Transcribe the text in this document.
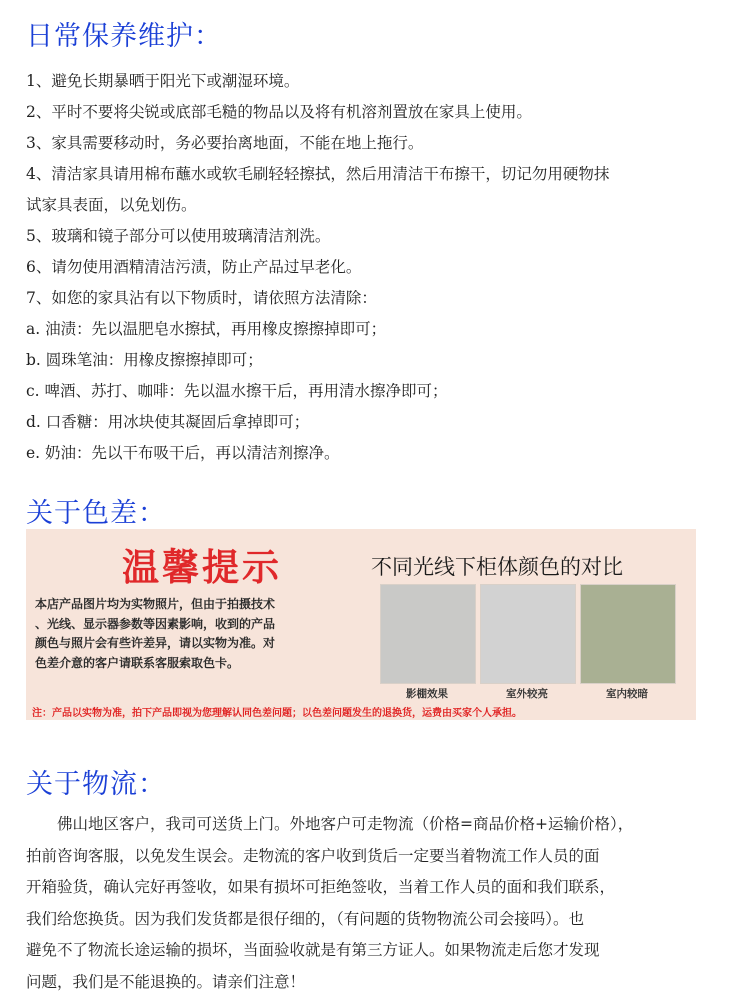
日常保养维护：
1、避免长期暴晒于阳光下或潮湿环境。
2、平时不要将尖锐或底部毛糙的物品以及将有机溶剂置放在家具上使用。
3、家具需要移动时，务必要抬离地面，不能在地上拖行。
4、清洁家具请用棉布蘸水或软毛刷轻轻擦拭，然后用清洁干布擦干，切记勿用硬物抹
试家具表面，以免划伤。
5、玻璃和镜子部分可以使用玻璃清洁剂洗。
6、请勿使用酒精清洁污渍，防止产品过早老化。
7、如您的家具沾有以下物质时，请依照方法清除：
a. 油渍：先以温肥皂水擦拭，再用橡皮擦擦掉即可；
b. 圆珠笔油：用橡皮擦擦掉即可；
c. 啤酒、苏打、咖啡：先以温水擦干后，再用清水擦净即可；
d. 口香糖：用冰块使其凝固后拿掉即可；
e. 奶油：先以干布吸干后，再以清洁剂擦净。
关于色差：
温馨提示
本店产品图片均为实物照片，但由于拍摄技术
、光线、显示器参数等因素影响，收到的产品
颜色与照片会有些许差异，请以实物为准。对
色差介意的客户请联系客服索取色卡。
不同光线下柜体颜色的对比
影棚效果	室外较亮	室内较暗
注：产品以实物为准，拍下产品即视为您理解认同色差问题；以色差问题发生的退换货，运费由买家个人承担。
关于物流：
　　佛山地区客户，我司可送货上门。外地客户可走物流（价格=商品价格+运输价格），
拍前咨询客服，以免发生误会。走物流的客户收到货后一定要当着物流工作人员的面
开箱验货，确认完好再签收，如果有损坏可拒绝签收，当着工作人员的面和我们联系，
我们给您换货。因为我们发货都是很仔细的，（有问题的货物物流公司会接吗）。也
避免不了物流长途运输的损坏，当面验收就是有第三方证人。如果物流走后您才发现
问题，我们是不能退换的。请亲们注意！
